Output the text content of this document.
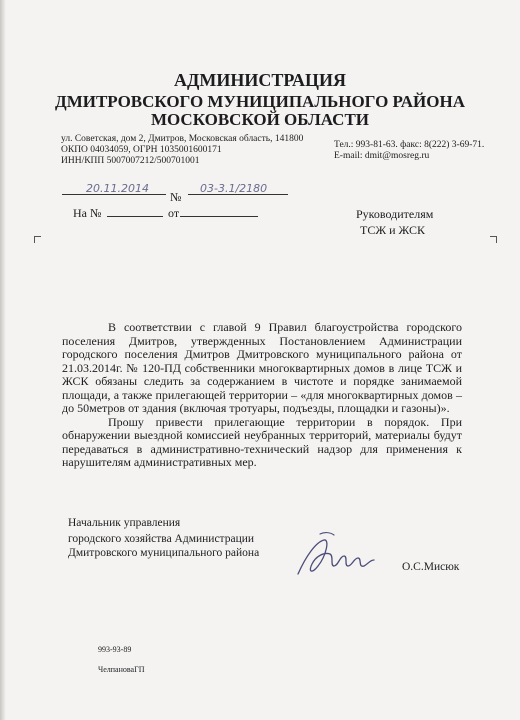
АДМИНИСТРАЦИЯ
ДМИТРОВСКОГО МУНИЦИПАЛЬНОГО РАЙОНА
МОСКОВСКОЙ ОБЛАСТИ
ул. Советская, дом 2, Дмитров, Московская область, 141800
ОКПО 04034059, ОГРН 1035001600171
ИНН/КПП 5007007212/500701001
Тел.: 993-81-63. факс: 8(222) 3-69-71.
E-mail: dmit@mosreg.ru
20.11.2014
№
03-3.1/2180
На №	от	Руководителям
ТСЖ и ЖСК

В соответствии с главой 9 Правил благоустройства городского поселения Дмитров, утвержденных Постановлением Администрации городского поселения Дмитров Дмитровского муниципального района от 21.03.2014г. № 120-ПД собственники многоквартирных домов в лице ТСЖ и ЖСК обязаны следить за содержанием в чистоте и порядке занимаемой площади, а также прилегающей территории – «для многоквартирных домов – до 50метров от здания (включая тротуары, подъезды, площадки и газоны)».

Прошу привести прилегающие территории в порядок. При обнаружении выездной комиссией неубранных территорий, материалы будут передаваться в административно-технический надзор для применения к нарушителям административных мер.

Начальник управления
городского хозяйства Администрации
Дмитровского муниципального района
О.С.Мисюк
993-93-89
ЧелпановаГП
